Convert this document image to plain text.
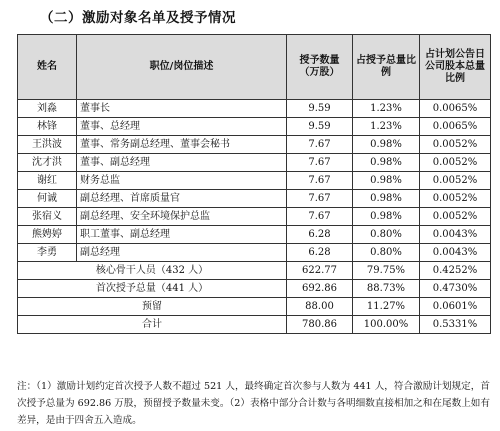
（二）激励对象名单及授予情况
姓名	职位/岗位描述	授予数量（万股）	占授予总量比例	占计划公告日公司股本总量比例
刘淼	董事长	9.59	1.23%	0.0065%
林锋	董事、总经理	9.59	1.23%	0.0065%
王洪波	董事、常务副总经理、董事会秘书	7.67	0.98%	0.0052%
沈才洪	董事、副总经理	7.67	0.98%	0.0052%
谢红	财务总监	7.67	0.98%	0.0052%
何诚	副总经理、首席质量官	7.67	0.98%	0.0052%
张宿义	副总经理、安全环境保护总监	7.67	0.98%	0.0052%
熊娉婷	职工董事、副总经理	6.28	0.80%	0.0043%
李勇	副总经理	6.28	0.80%	0.0043%
核心骨干人员（432 人）		622.77	79.75%	0.4252%
首次授予总量（441 人）		692.86	88.73%	0.4730%
预留		88.00	11.27%	0.0601%
合计		780.86	100.00%	0.5331%
注：（1）激励计划约定首次授予人数不超过 521 人，最终确定首次参与人数为 441 人，符合激励计划规定，首次授予总量为 692.86 万股，预留授予数量未变。（2）表格中部分合计数与各明细数直接相加之和在尾数上如有差异，是由于四舍五入造成。
